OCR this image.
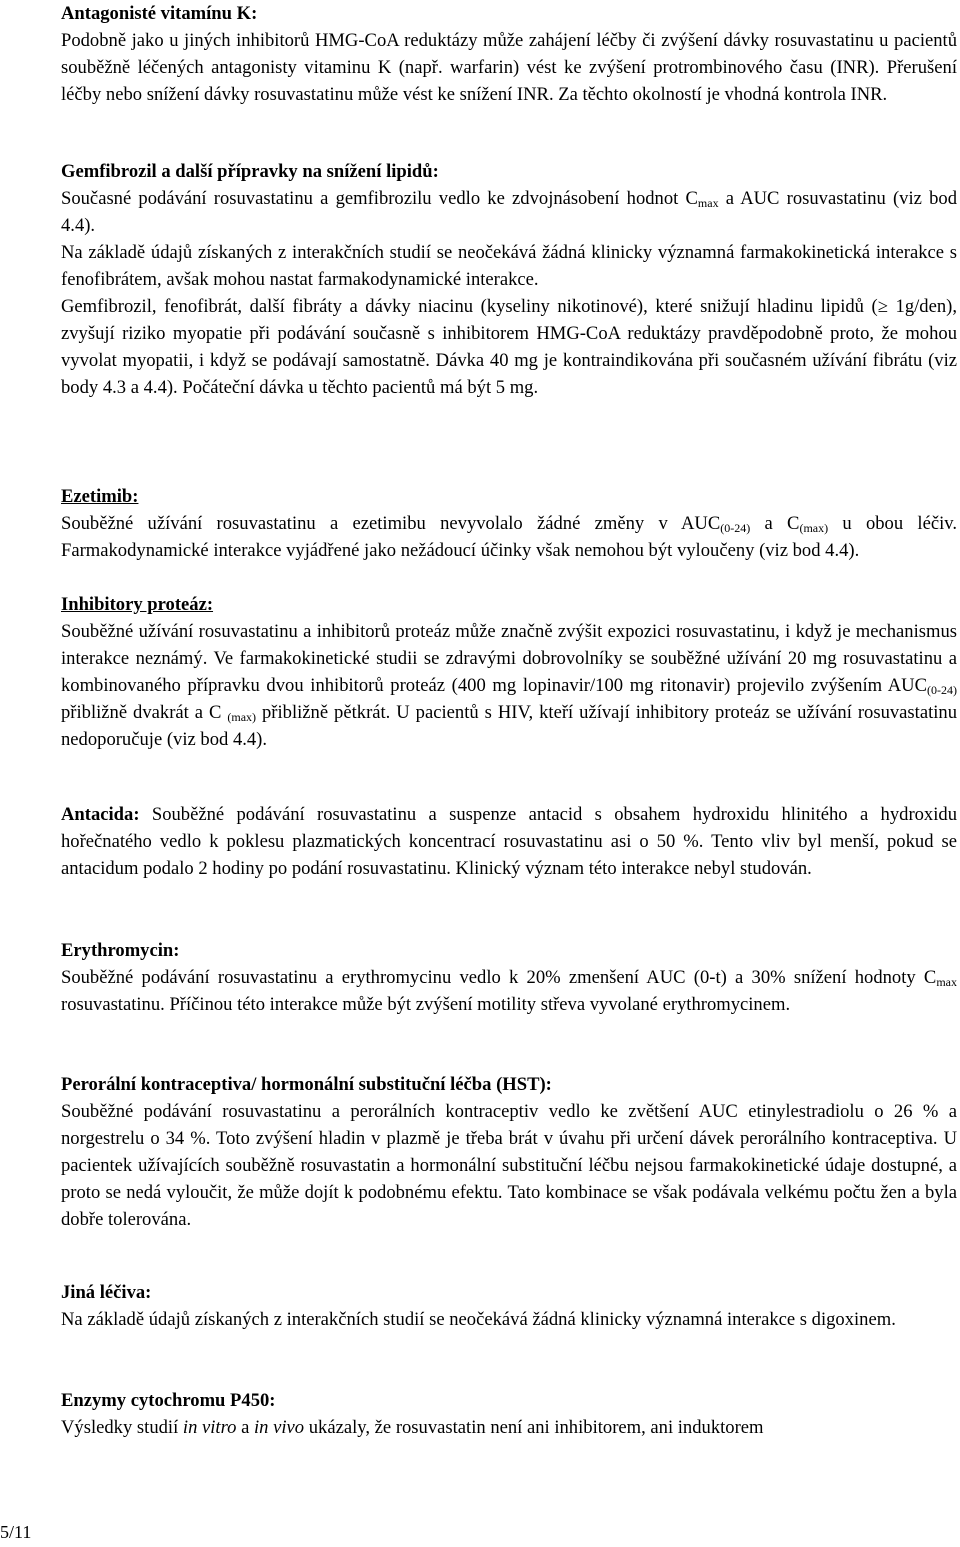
Antagonisté vitamínu K:

Podobně jako u jiných inhibitorů HMG-CoA reduktázy může zahájení léčby či zvýšení dávky rosuvastatinu u pacientů souběžně léčených antagonisty vitaminu K (např. warfarin) vést ke zvýšení protrombinového času (INR). Přerušení léčby nebo snížení dávky rosuvastatinu může vést ke snížení INR. Za těchto okolností je vhodná kontrola INR.

Gemfibrozil a další přípravky na snížení lipidů:

Současné podávání rosuvastatinu a gemfibrozilu vedlo ke zdvojnásobení hodnot $C_{max}$ a AUC rosuvastatinu (viz bod 4.4).

Na základě údajů získaných z interakčních studií se neočekává žádná klinicky významná farmakokinetická interakce s fenofibrátem, avšak mohou nastat farmakodynamické interakce.

Gemfibrozil, fenofibrát, další fibráty a dávky niacinu (kyseliny nikotinové), které snižují hladinu lipidů (≥ 1g/den), zvyšují riziko myopatie při podávání současně s inhibitorem HMG-CoA reduktázy pravděpodobně proto, že mohou vyvolat myopatii, i když se podávají samostatně. Dávka 40 mg je kontraindikována při současném užívání fibrátu (viz body 4.3 a 4.4). Počáteční dávka u těchto pacientů má být 5 mg.

Ezetimib:

Souběžné užívání rosuvastatinu a ezetimibu nevyvolalo žádné změny v $AUC_{(0-24)}$ a $C_{(max)}$ u obou léčiv. Farmakodynamické interakce vyjádřené jako nežádoucí účinky však nemohou být vyloučeny (viz bod 4.4).

Inhibitory proteáz:

Souběžné užívání rosuvastatinu a inhibitorů proteáz může značně zvýšit expozici rosuvastatinu, i když je mechanismus interakce neznámý. Ve farmakokinetické studii se zdravými dobrovolníky se souběžné užívání 20 mg rosuvastatinu a kombinovaného přípravku dvou inhibitorů proteáz (400 mg lopinavir/100 mg ritonavir) projevilo zvýšením $AUC_{(0-24)}$ přibližně dvakrát a C $_{(max)}$ přibližně pětkrát. U pacientů s HIV, kteří užívají inhibitory proteáz se užívání rosuvastatinu nedoporučuje (viz bod 4.4).

Antacida: Souběžné podávání rosuvastatinu a suspenze antacid s obsahem hydroxidu hlinitého a hydroxidu hořečnatého vedlo k poklesu plazmatických koncentrací rosuvastatinu asi o 50 %. Tento vliv byl menší, pokud se antacidum podalo 2 hodiny po podání rosuvastatinu. Klinický význam této interakce nebyl studován.

Erythromycin:

Souběžné podávání rosuvastatinu a erythromycinu vedlo k 20% zmenšení AUC (0-t) a 30% snížení hodnoty $C_{max}$ rosuvastatinu. Příčinou této interakce může být zvýšení motility střeva vyvolané erythromycinem.

Perorální kontraceptiva/ hormonální substituční léčba (HST):

Souběžné podávání rosuvastatinu a perorálních kontraceptiv vedlo ke zvětšení AUC etinylestradiolu o 26 % a norgestrelu o 34 %. Toto zvýšení hladin v plazmě je třeba brát v úvahu při určení dávek perorálního kontraceptiva. U pacientek užívajících souběžně rosuvastatin a hormonální substituční léčbu nejsou farmakokinetické údaje dostupné, a proto se nedá vyloučit, že může dojít k podobnému efektu. Tato kombinace se však podávala velkému počtu žen a byla dobře tolerována.

Jiná léčiva:

Na základě údajů získaných z interakčních studií se neočekává žádná klinicky významná interakce s digoxinem.

Enzymy cytochromu P450:

Výsledky studií in vitro a in vivo ukázaly, že rosuvastatin není ani inhibitorem, ani induktorem

5/11
